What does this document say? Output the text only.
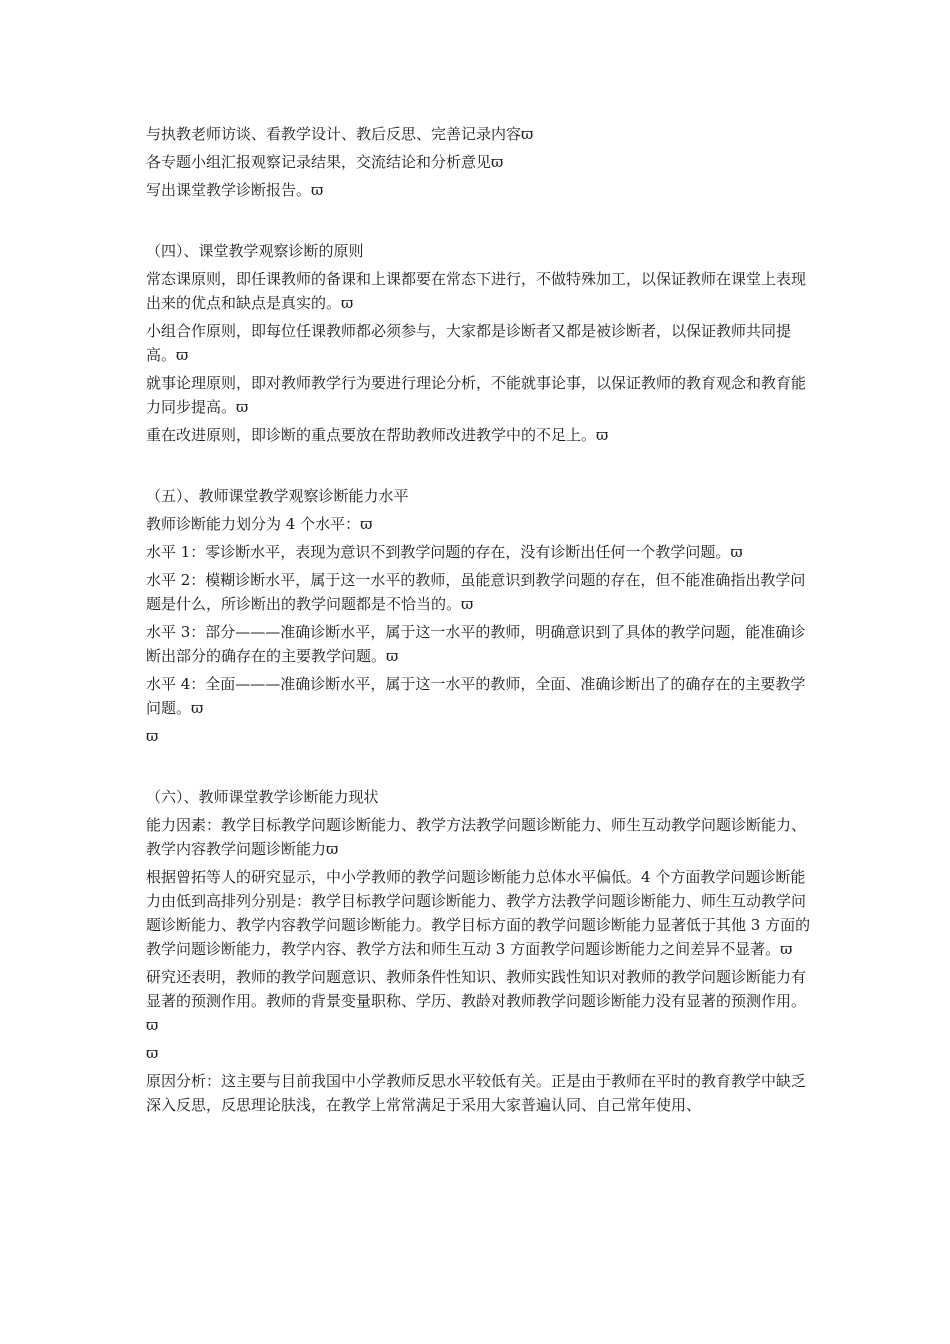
与执教老师访谈、看教学设计、教后反思、完善记录内容ϖ

各专题小组汇报观察记录结果，交流结论和分析意见ϖ

写出课堂教学诊断报告。ϖ

（四）、课堂教学观察诊断的原则

常态课原则，即任课教师的备课和上课都要在常态下进行，不做特殊加工，以保证教师在课堂上表现出来的优点和缺点是真实的。ϖ

小组合作原则，即每位任课教师都必须参与，大家都是诊断者又都是被诊断者，以保证教师共同提高。ϖ

就事论理原则，即对教师教学行为要进行理论分析，不能就事论事，以保证教师的教育观念和教育能力同步提高。ϖ

重在改进原则，即诊断的重点要放在帮助教师改进教学中的不足上。ϖ

（五）、教师课堂教学观察诊断能力水平

教师诊断能力划分为 4 个水平：ϖ

水平 1：零诊断水平，表现为意识不到教学问题的存在，没有诊断出任何一个教学问题。ϖ

水平 2：模糊诊断水平，属于这一水平的教师，虽能意识到教学问题的存在，但不能准确指出教学问题是什么，所诊断出的教学问题都是不恰当的。ϖ

水平 3：部分———准确诊断水平，属于这一水平的教师，明确意识到了具体的教学问题，能准确诊断出部分的确存在的主要教学问题。ϖ

水平 4：全面———准确诊断水平，属于这一水平的教师，全面、准确诊断出了的确存在的主要教学问题。ϖ

ϖ

（六）、教师课堂教学诊断能力现状

能力因素：教学目标教学问题诊断能力、教学方法教学问题诊断能力、师生互动教学问题诊断能力、教学内容教学问题诊断能力ϖ

根据曾拓等人的研究显示，中小学教师的教学问题诊断能力总体水平偏低。4 个方面教学问题诊断能力由低到高排列分别是：教学目标教学问题诊断能力、教学方法教学问题诊断能力、师生互动教学问题诊断能力、教学内容教学问题诊断能力。教学目标方面的教学问题诊断能力显著低于其他 3 方面的教学问题诊断能力，教学内容、教学方法和师生互动 3 方面教学问题诊断能力之间差异不显著。ϖ

研究还表明，教师的教学问题意识、教师条件性知识、教师实践性知识对教师的教学问题诊断能力有显著的预测作用。教师的背景变量职称、学历、教龄对教师教学问题诊断能力没有显著的预测作用。ϖ

ϖ

原因分析：这主要与目前我国中小学教师反思水平较低有关。正是由于教师在平时的教育教学中缺乏深入反思，反思理论肤浅，在教学上常常满足于采用大家普遍认同、自己常年使用、
